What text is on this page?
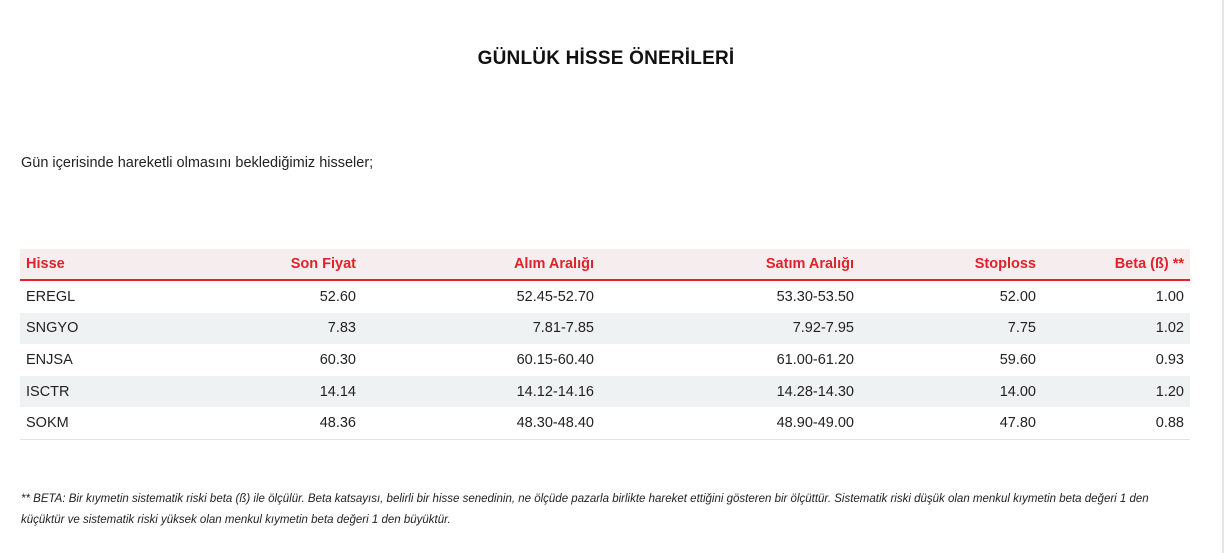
GÜNLÜK HİSSE ÖNERİLERİ
Gün içerisinde hareketli olmasını beklediğimiz hisseler;
Hisse	Son Fiyat	Alım Aralığı	Satım Aralığı	Stoploss	Beta (ß) **
EREGL	52.60	52.45-52.70	53.30-53.50	52.00	1.00
SNGYO	7.83	7.81-7.85	7.92-7.95	7.75	1.02
ENJSA	60.30	60.15-60.40	61.00-61.20	59.60	0.93
ISCTR	14.14	14.12-14.16	14.28-14.30	14.00	1.20
SOKM	48.36	48.30-48.40	48.90-49.00	47.80	0.88
** BETA: Bir kıymetin sistematik riski beta (ß) ile ölçülür. Beta katsayısı, belirli bir hisse senedinin, ne ölçüde pazarla birlikte hareket ettiğini gösteren bir ölçüttür. Sistematik riski düşük olan menkul kıymetin beta değeri 1 den küçüktür ve sistematik riski yüksek olan menkul kıymetin beta değeri 1 den büyüktür.
